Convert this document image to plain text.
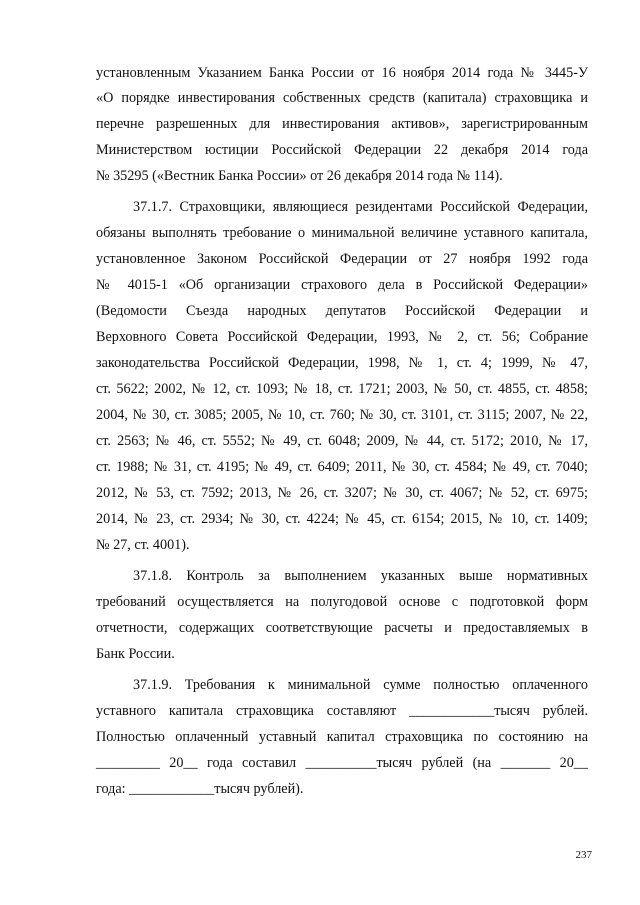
установленным Указанием Банка России от 16 ноября 2014 года № 3445-У
«О порядке инвестирования собственных средств (капитала) страховщика и
перечне разрешенных для инвестирования активов», зарегистрированным
Министерством юстиции Российской Федерации 22 декабря 2014 года
№ 35295 («Вестник Банка России» от 26 декабря 2014 года № 114).
37.1.7. Страховщики, являющиеся резидентами Российской Федерации,
обязаны выполнять требование о минимальной величине уставного капитала,
установленное Законом Российской Федерации от 27 ноября 1992 года
№ 4015-1 «Об организации страхового дела в Российской Федерации»
(Ведомости Съезда народных депутатов Российской Федерации и
Верховного Совета Российской Федерации, 1993, № 2, ст. 56; Собрание
законодательства Российской Федерации, 1998, № 1, ст. 4; 1999, № 47,
ст. 5622; 2002, № 12, ст. 1093; № 18, ст. 1721; 2003, № 50, ст. 4855, ст. 4858;
2004, № 30, ст. 3085; 2005, № 10, ст. 760; № 30, ст. 3101, ст. 3115; 2007, № 22,
ст. 2563; № 46, ст. 5552; № 49, ст. 6048; 2009, № 44, ст. 5172; 2010, № 17,
ст. 1988; № 31, ст. 4195; № 49, ст. 6409; 2011, № 30, ст. 4584; № 49, ст. 7040;
2012, № 53, ст. 7592; 2013, № 26, ст. 3207; № 30, ст. 4067; № 52, ст. 6975;
2014, № 23, ст. 2934; № 30, ст. 4224; № 45, ст. 6154; 2015, № 10, ст. 1409;
№ 27, ст. 4001).
37.1.8. Контроль за выполнением указанных выше нормативных
требований осуществляется на полугодовой основе с подготовкой форм
отчетности, содержащих соответствующие расчеты и предоставляемых в
Банк России.
37.1.9. Требования к минимальной сумме полностью оплаченного
уставного капитала страховщика составляют ____________тысяч рублей.
Полностью оплаченный уставный капитал страховщика по состоянию на
_________ 20__ года составил __________тысяч рублей (на _______ 20__
года: ____________тысяч рублей).
237
